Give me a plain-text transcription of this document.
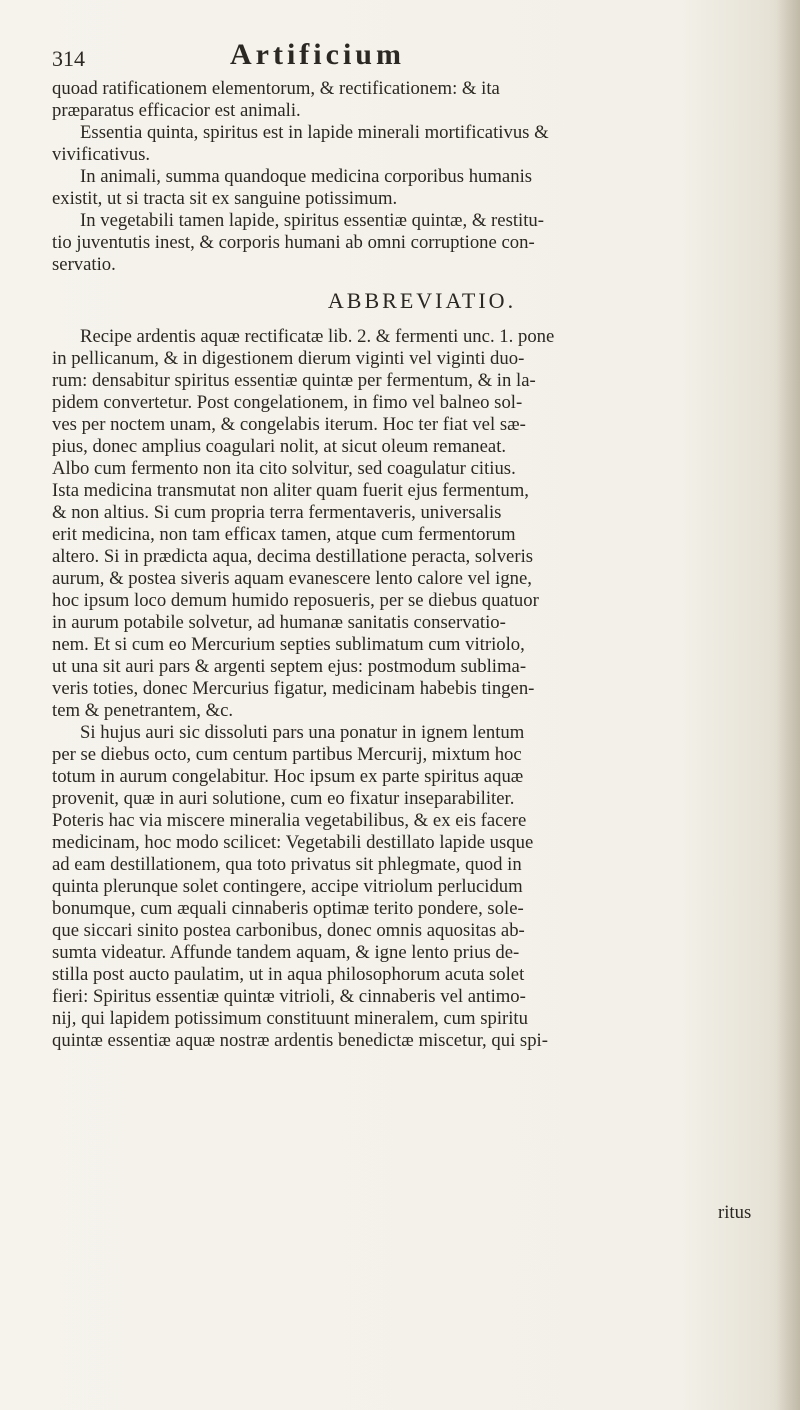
314	Artificium
quoad ratificationem elementorum, & rectificationem: & ita
præparatus efficacior est animali.
Essentia quinta, spiritus est in lapide minerali mortificativus &
vivificativus.
In animali, summa quandoque medicina corporibus humanis
existit, ut si tracta sit ex sanguine potissimum.
In vegetabili tamen lapide, spiritus essentiæ quintæ, & restitu-
tio juventutis inest, & corporis humani ab omni corruptione con-
servatio.
ABBREVIATIO.
Recipe ardentis aquæ rectificatæ lib. 2. & fermenti unc. 1. pone
in pellicanum, & in digestionem dierum viginti vel viginti duo-
rum: densabitur spiritus essentiæ quintæ per fermentum, & in la-
pidem convertetur. Post congelationem, in fimo vel balneo sol-
ves per noctem unam, & congelabis iterum. Hoc ter fiat vel sæ-
pius, donec amplius coagulari nolit, at sicut oleum remaneat.
Albo cum fermento non ita cito solvitur, sed coagulatur citius.
Ista medicina transmutat non aliter quam fuerit ejus fermentum,
& non altius. Si cum propria terra fermentaveris, universalis
erit medicina, non tam efficax tamen, atque cum fermentorum
altero. Si in prædicta aqua, decima destillatione peracta, solveris
aurum, & postea siveris aquam evanescere lento calore vel igne,
hoc ipsum loco demum humido reposueris, per se diebus quatuor
in aurum potabile solvetur, ad humanæ sanitatis conservatio-
nem. Et si cum eo Mercurium septies sublimatum cum vitriolo,
ut una sit auri pars & argenti septem ejus: postmodum sublima-
veris toties, donec Mercurius figatur, medicinam habebis tingen-
tem & penetrantem, &c.
Si hujus auri sic dissoluti pars una ponatur in ignem lentum
per se diebus octo, cum centum partibus Mercurij, mixtum hoc
totum in aurum congelabitur. Hoc ipsum ex parte spiritus aquæ
provenit, quæ in auri solutione, cum eo fixatur inseparabiliter.
Poteris hac via miscere mineralia vegetabilibus, & ex eis facere
medicinam, hoc modo scilicet: Vegetabili destillato lapide usque
ad eam destillationem, qua toto privatus sit phlegmate, quod in
quinta plerunque solet contingere, accipe vitriolum perlucidum
bonumque, cum æquali cinnaberis optimæ terito pondere, sole-
que siccari sinito postea carbonibus, donec omnis aquositas ab-
sumta videatur. Affunde tandem aquam, & igne lento prius de-
stilla post aucto paulatim, ut in aqua philosophorum acuta solet
fieri: Spiritus essentiæ quintæ vitrioli, & cinnaberis vel antimo-
nij, qui lapidem potissimum constituunt mineralem, cum spiritu
quintæ essentiæ aquæ nostræ ardentis benedictæ miscetur, qui spi-
ritus
